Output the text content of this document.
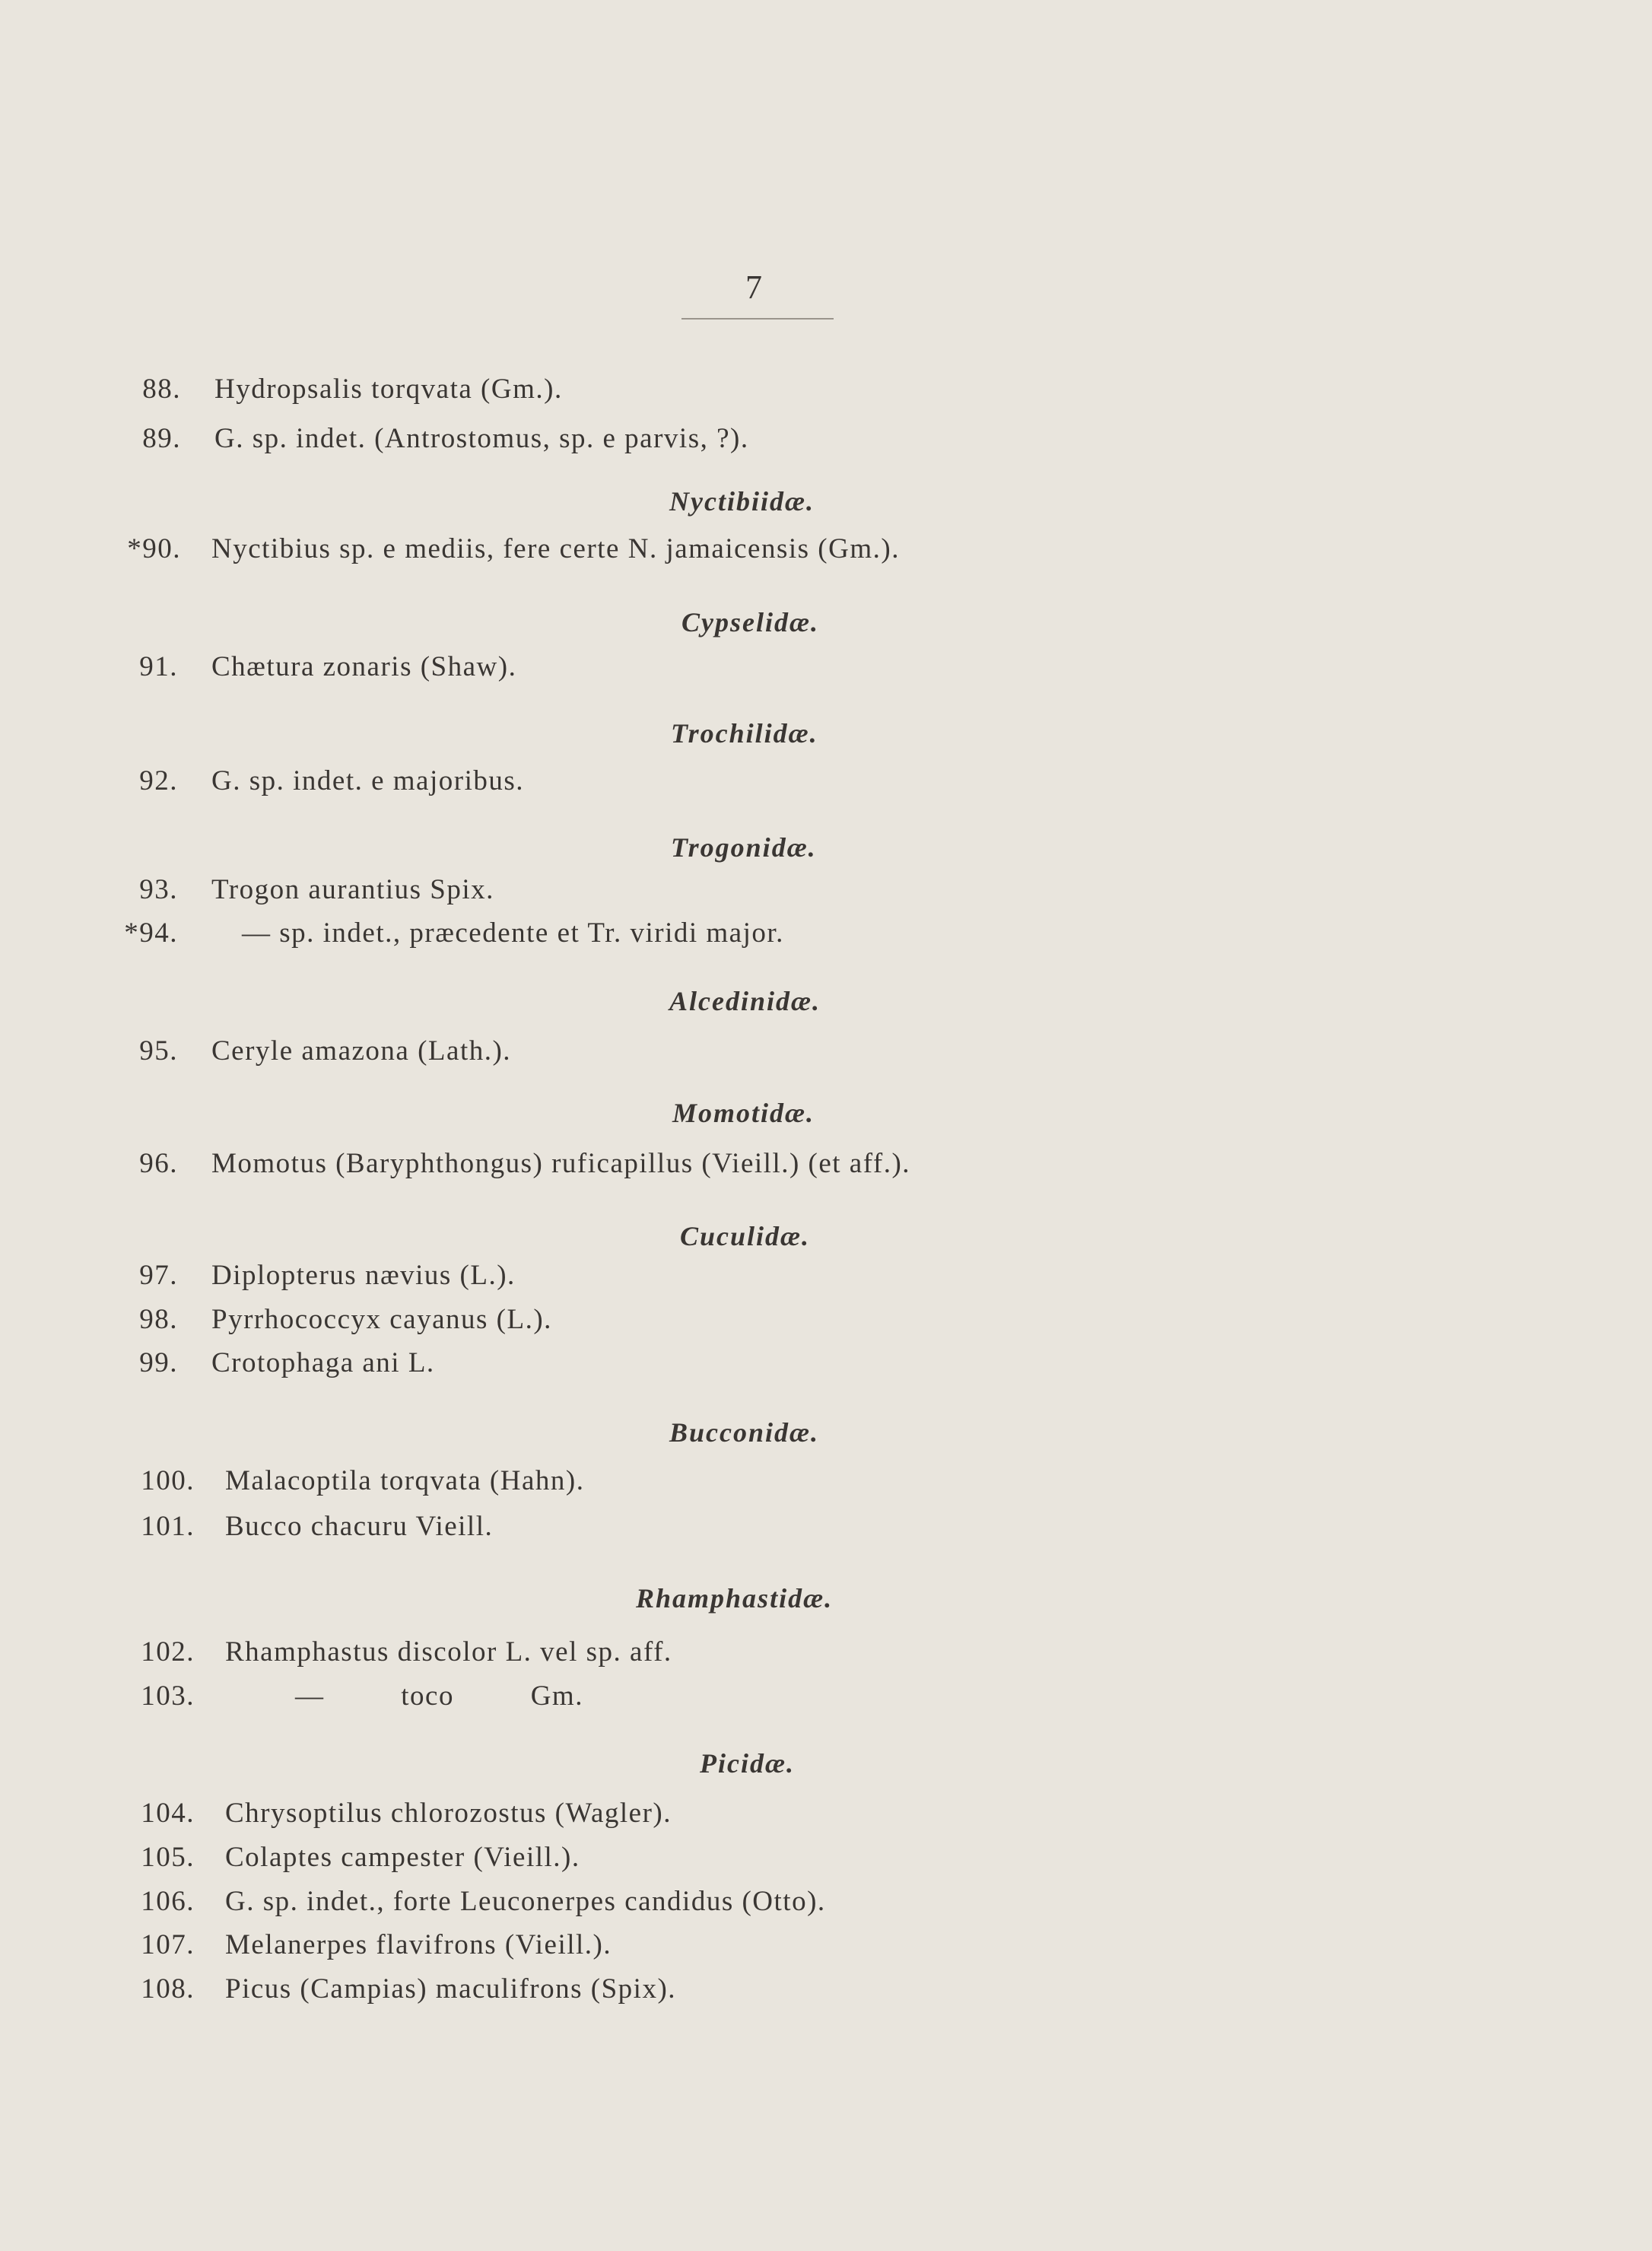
7
88. Hydropsalis torqvata (Gm.).
89. G. sp. indet. (Antrostomus, sp. e parvis, ?).
Nyctibiidæ.
*90. Nyctibius sp. e mediis, fere certe N. jamaicensis (Gm.).
Cypselidæ.
91. Chætura zonaris (Shaw).
Trochilidæ.
92. G. sp. indet. e majoribus.
Trogonidæ.
93. Trogon aurantius Spix.
*94. — sp. indet., præcedente et Tr. viridi major.
Alcedinidæ.
95. Ceryle amazona (Lath.).
Momotidæ.
96. Momotus (Baryphthongus) ruficapillus (Vieill.) (et aff.).
Cuculidæ.
97. Diplopterus nævius (L.).
98. Pyrrhococcyx cayanus (L.).
99. Crotophaga ani L.
Bucconidæ.
100. Malacoptila torqvata (Hahn).
101. Bucco chacuru Vieill.
Rhamphastidæ.
102. Rhamphastus discolor L. vel sp. aff.
103.	— toco Gm.
Picidæ.
104. Chrysoptilus chlorozostus (Wagler).
105. Colaptes campester (Vieill.).
106. G. sp. indet., forte Leuconerpes candidus (Otto).
107. Melanerpes flavifrons (Vieill.).
108. Picus (Campias) maculifrons (Spix).
